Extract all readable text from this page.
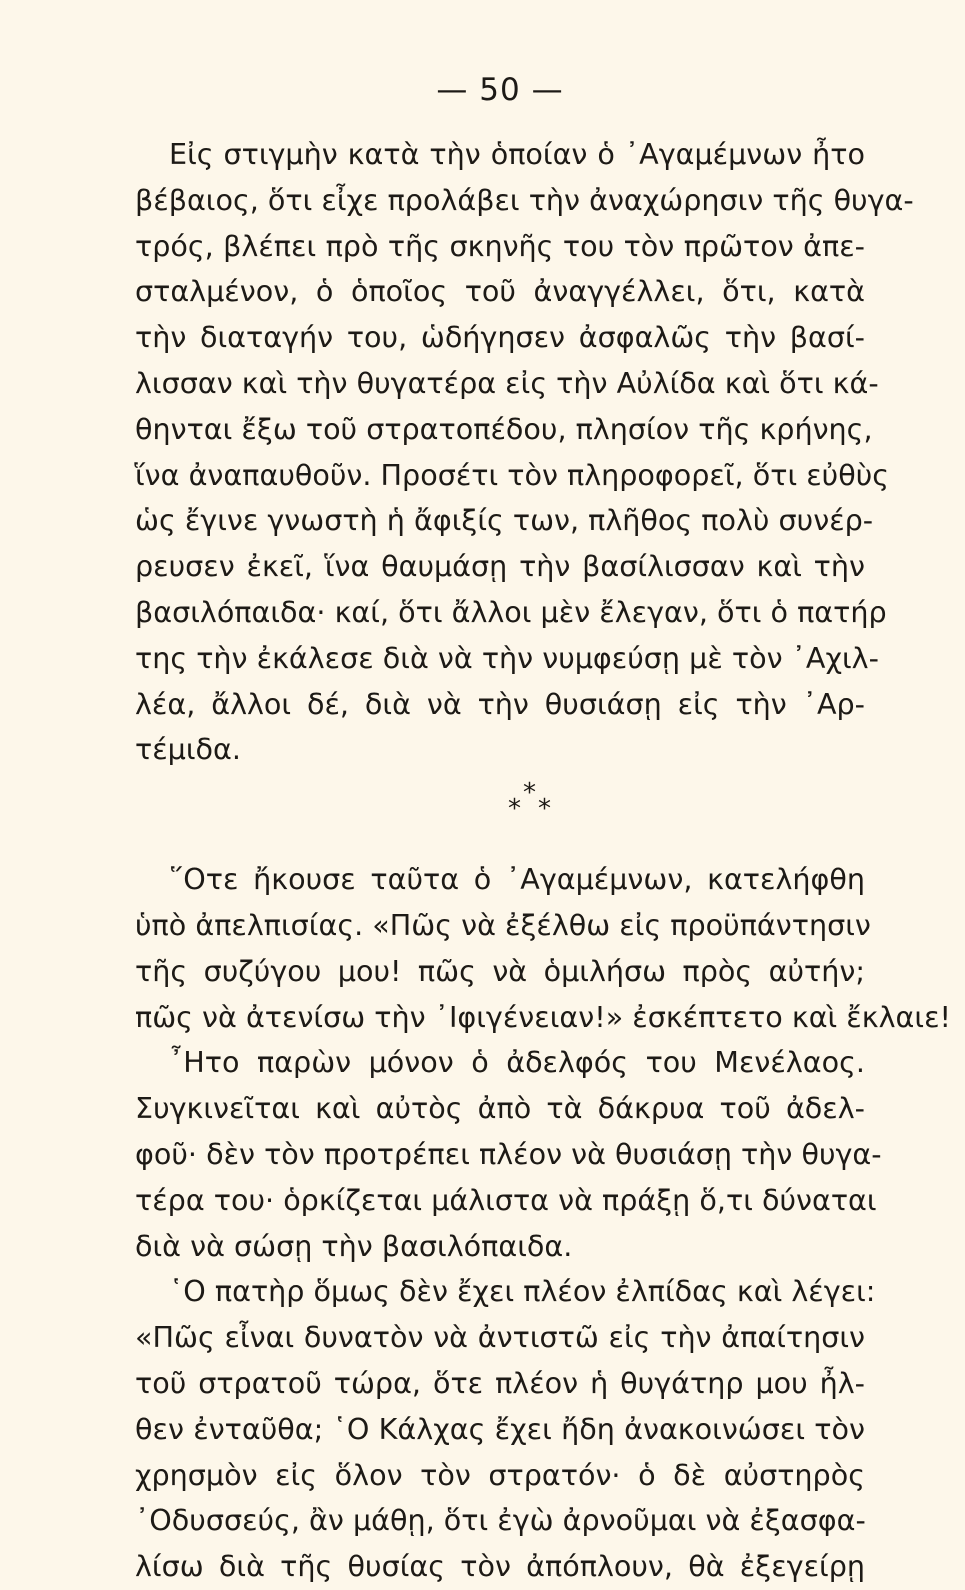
— 50 —

Εἰς στιγμὴν κατὰ τὴν ὁποίαν ὁ ᾿Αγαμέμνων ἦτο
βέβαιος, ὅτι εἶχε προλάβει τὴν ἀναχώρησιν τῆς θυγα-
τρός, βλέπει πρὸ τῆς σκηνῆς του τὸν πρῶτον ἀπε-
σταλμένον, ὁ ὁποῖος τοῦ ἀναγγέλλει, ὅτι, κατὰ
τὴν διαταγήν του, ὡδήγησεν ἀσφαλῶς τὴν βασί-
λισσαν καὶ τὴν θυγατέρα εἰς τὴν Αὐλίδα καὶ ὅτι κά-
θηνται ἔξω τοῦ στρατοπέδου, πλησίον τῆς κρήνης,
ἵνα ἀναπαυθοῦν. Προσέτι τὸν πληροφορεῖ, ὅτι εὐθὺς
ὡς ἔγινε γνωστὴ ἡ ἄφιξίς των, πλῆθος πολὺ συνέρ-
ρευσεν ἐκεῖ, ἵνα θαυμάσῃ τὴν βασίλισσαν καὶ τὴν
βασιλόπαιδα· καί, ὅτι ἄλλοι μὲν ἔλεγαν, ὅτι ὁ πατήρ
της τὴν ἐκάλεσε διὰ νὰ τὴν νυμφεύσῃ μὲ τὸν ᾿Αχιλ-
λέα, ἄλλοι δέ, διὰ νὰ τὴν θυσιάσῃ εἰς τὴν ᾿Αρ-
τέμιδα.

*
* *

῞Οτε ἤκουσε ταῦτα ὁ ᾿Αγαμέμνων, κατελήφθη
ὑπὸ ἀπελπισίας. «Πῶς νὰ ἐξέλθω εἰς προϋπάντησιν
τῆς συζύγου μου! πῶς νὰ ὁμιλήσω πρὸς αὐτήν;
πῶς νὰ ἀτενίσω τὴν ᾿Ιφιγένειαν!» ἐσκέπτετο καὶ ἔκλαιε!

῏Ητο παρὼν μόνον ὁ ἀδελφός του Μενέλαος.
Συγκινεῖται καὶ αὐτὸς ἀπὸ τὰ δάκρυα τοῦ ἀδελ-
φοῦ· δὲν τὸν προτρέπει πλέον νὰ θυσιάσῃ τὴν θυγα-
τέρα του· ὁρκίζεται μάλιστα νὰ πράξῃ ὅ,τι δύναται
διὰ νὰ σώσῃ τὴν βασιλόπαιδα.

῾Ο πατὴρ ὅμως δὲν ἔχει πλέον ἐλπίδας καὶ λέγει:
«Πῶς εἶναι δυνατὸν νὰ ἀντιστῶ εἰς τὴν ἀπαίτησιν
τοῦ στρατοῦ τώρα, ὅτε πλέον ἡ θυγάτηρ μου ἦλ-
θεν ἐνταῦθα; ῾Ο Κάλχας ἔχει ἤδη ἀνακοινώσει τὸν
χρησμὸν εἰς ὅλον τὸν στρατόν· ὁ δὲ αὐστηρὸς
᾿Οδυσσεύς, ἂν μάθῃ, ὅτι ἐγὼ ἀρνοῦμαι νὰ ἐξασφα-
λίσω διὰ τῆς θυσίας τὸν ἀπόπλουν, θὰ ἐξεγείρῃ
